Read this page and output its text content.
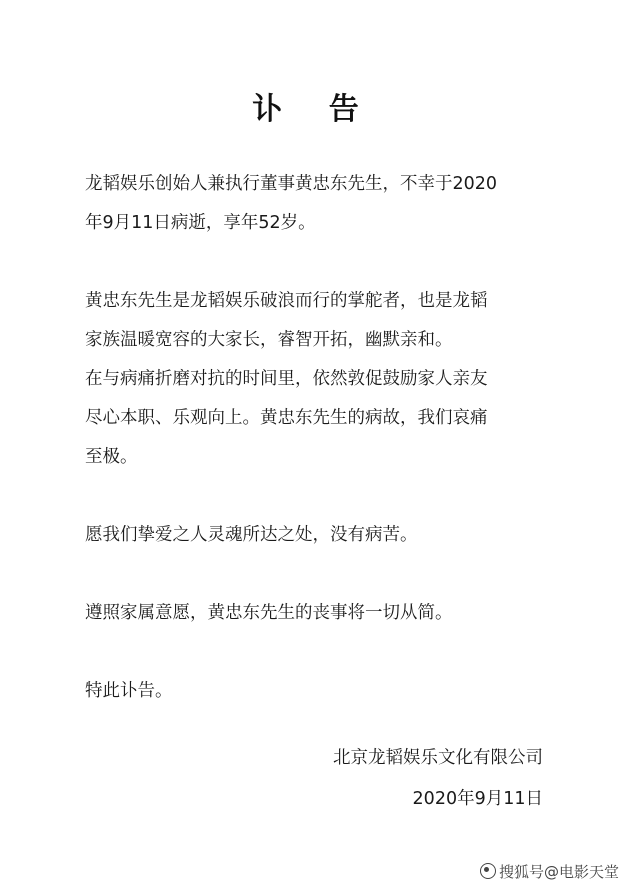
讣 告
龙韬娱乐创始人兼执行董事黄忠东先生，不幸于2020
年9月11日病逝，享年52岁。
黄忠东先生是龙韬娱乐破浪而行的掌舵者，也是龙韬
家族温暖宽容的大家长，睿智开拓，幽默亲和。
在与病痛折磨对抗的时间里，依然敦促鼓励家人亲友
尽心本职、乐观向上。黄忠东先生的病故，我们哀痛
至极。
愿我们挚爱之人灵魂所达之处，没有病苦。
遵照家属意愿，黄忠东先生的丧事将一切从简。
特此讣告。
北京龙韬娱乐文化有限公司
2020年9月11日
搜狐号@电影天堂
